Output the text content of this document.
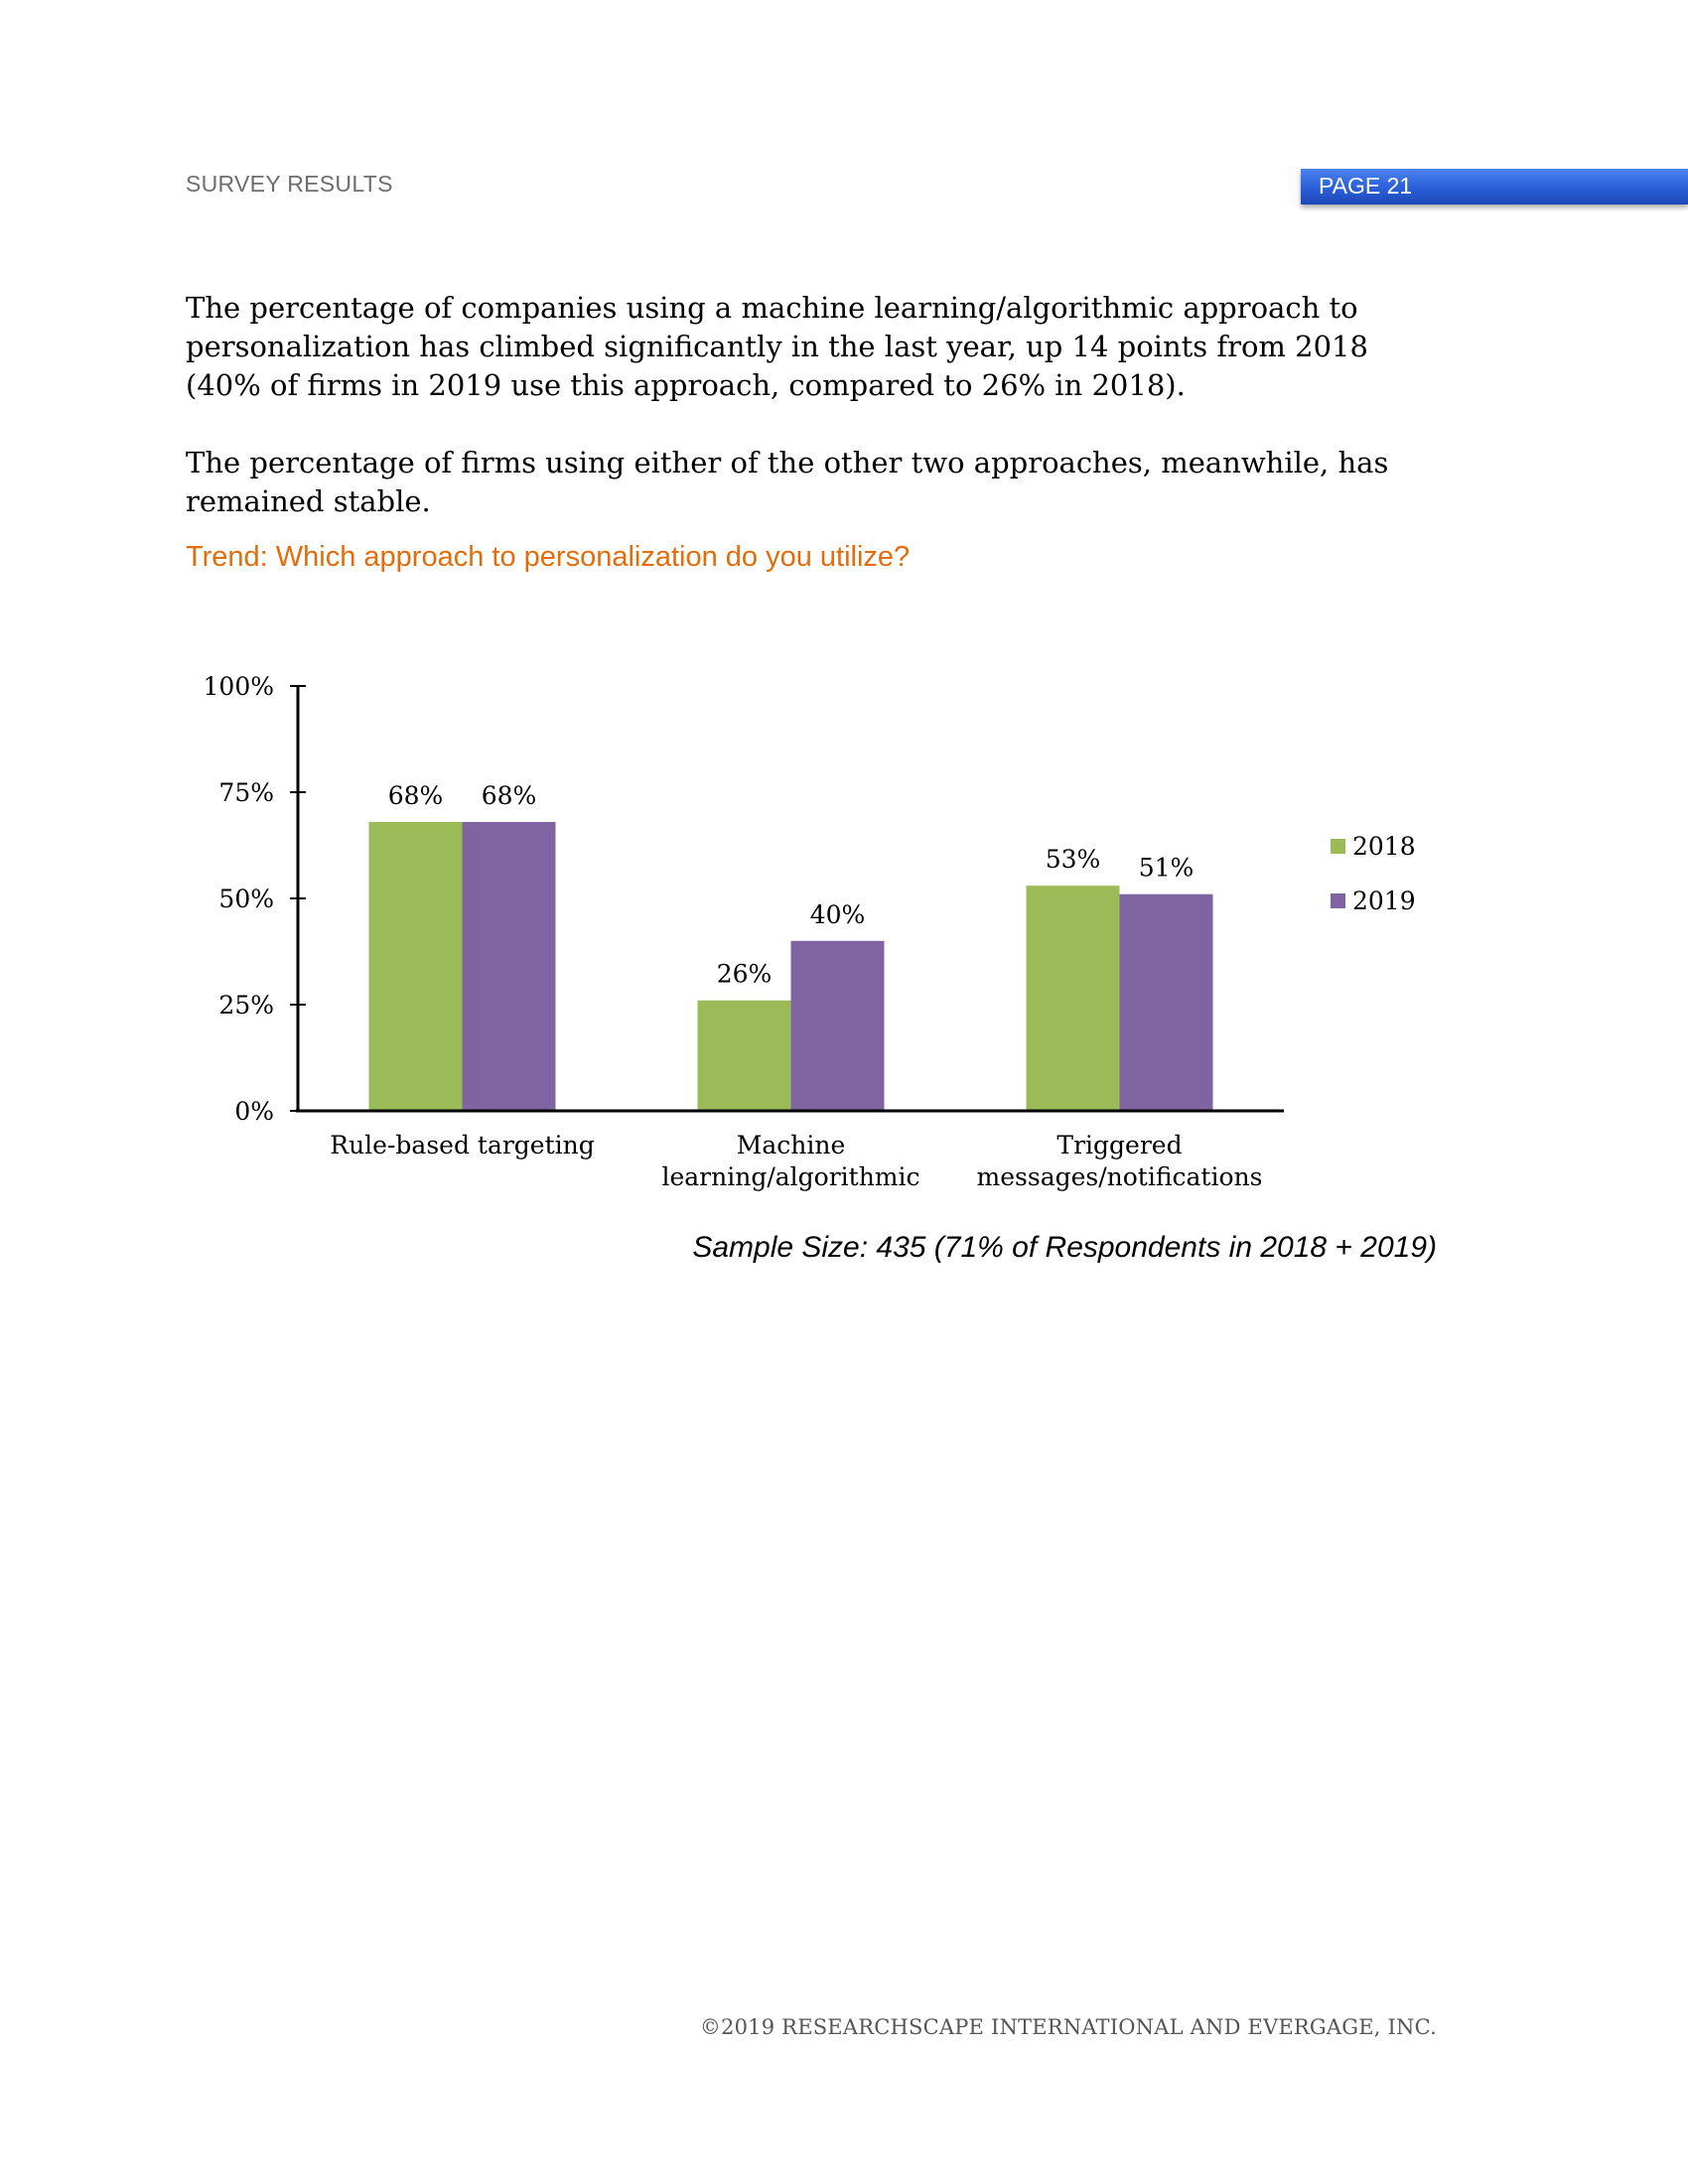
SURVEY RESULTS	PAGE 21
The percentage of companies using a machine learning/algorithmic approach to personalization has climbed significantly in the last year, up 14 points from 2018 (40% of firms in 2019 use this approach, compared to 26% in 2018).
The percentage of firms using either of the other two approaches, meanwhile, has remained stable.
Trend: Which approach to personalization do you utilize?
0%
25%
50%
75%
100%
68% 68%
Rule-based targeting
26%
40%
Machine
learning/algorithmic
53% 51%
Triggered
messages/notifications
2018
2019
Sample Size: 435 (71% of Respondents in 2018 + 2019)
©2019 RESEARCHSCAPE INTERNATIONAL AND EVERGAGE, INC.
